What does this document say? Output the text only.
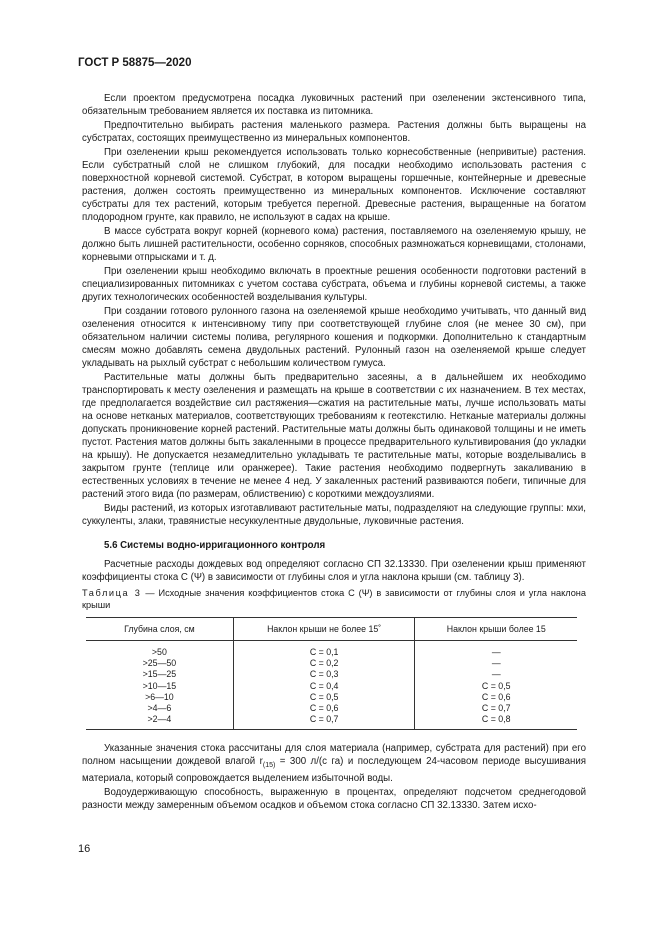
ГОСТ Р 58875—2020

Если проектом предусмотрена посадка луковичных растений при озеленении экстенсивного типа, обязательным требованием является их поставка из питомника.

Предпочтительно выбирать растения маленького размера. Растения должны быть выращены на субстратах, состоящих преимущественно из минеральных компонентов.

При озеленении крыш рекомендуется использовать только корнесобственные (непривитые) растения. Если субстратный слой не слишком глубокий, для посадки необходимо использовать растения с поверхностной корневой системой. Субстрат, в котором выращены горшечные, контейнерные и древесные растения, должен состоять преимущественно из минеральных компонентов. Исключение составляют субстраты для тех растений, которым требуется перегной. Древесные растения, выращенные на богатом плодородном грунте, как правило, не используют в садах на крыше.

В массе субстрата вокруг корней (корневого кома) растения, поставляемого на озеленяемую крышу, не должно быть лишней растительности, особенно сорняков, способных размножаться корневищами, столонами, корневыми отпрысками и т. д.

При озеленении крыш необходимо включать в проектные решения особенности подготовки растений в специализированных питомниках с учетом состава субстрата, объема и глубины корневой системы, а также других технологических особенностей возделывания культуры.

При создании готового рулонного газона на озеленяемой крыше необходимо учитывать, что данный вид озеленения относится к интенсивному типу при соответствующей глубине слоя (не менее 30 см), при обязательном наличии системы полива, регулярного кошения и подкормки. Дополнительно к стандартным смесям можно добавлять семена двудольных растений. Рулонный газон на озеленяемой крыше следует укладывать на рыхлый субстрат с небольшим количеством гумуса.

Растительные маты должны быть предварительно засеяны, а в дальнейшем их необходимо транспортировать к месту озеленения и размещать на крыше в соответствии с их назначением. В тех местах, где предполагается воздействие сил растяжения—сжатия на растительные маты, лучше использовать маты на основе нетканых материалов, соответствующих требованиям к геотекстилю. Нетканые материалы должны допускать проникновение корней растений. Растительные маты должны быть одинаковой толщины и не иметь пустот. Растения матов должны быть закаленными в процессе предварительного культивирования (до укладки на крышу). Не допускается незамедлительно укладывать те растительные маты, которые возделывались в закрытом грунте (теплице или оранжерее). Такие растения необходимо подвергнуть закаливанию в естественных условиях в течение не менее 4 нед. У закаленных растений развиваются побеги, типичные для растений этого вида (по размерам, облиствению) с короткими междоузлиями.

Виды растений, из которых изготавливают растительные маты, подразделяют на следующие группы: мхи, суккуленты, злаки, травянистые несуккулентные двудольные, луковичные растения.

5.6 Системы водно-ирригационного контроля

Расчетные расходы дождевых вод определяют согласно СП 32.13330. При озеленении крыш применяют коэффициенты стока С (Ψ) в зависимости от глубины слоя и угла наклона крыши (см. таблицу 3).

Таблица 3 — Исходные значения коэффициентов стока С (Ψ) в зависимости от глубины слоя и угла наклона крыши

Глубина слоя, см	Наклон крыши не более 15˚	Наклон крыши более 15
>50	C = 0,1	—
>25—50	C = 0,2	—
>15—25	C = 0,3	—
>10—15	C = 0,4	C = 0,5
>6—10	C = 0,5	C = 0,6
>4—6	C = 0,6	C = 0,7
>2—4	C = 0,7	C = 0,8

Указанные значения стока рассчитаны для слоя материала (например, субстрата для растений) при его полном насыщении дождевой влагой $r_{(15)} = 300$ л/(с га) и последующем 24-часовом периоде высушивания материала, который сопровождается выделением избыточной воды.

Водоудерживающую способность, выраженную в процентах, определяют подсчетом среднегодовой разности между замеренным объемом осадков и объемом стока согласно СП 32.13330. Затем исхо-

16
